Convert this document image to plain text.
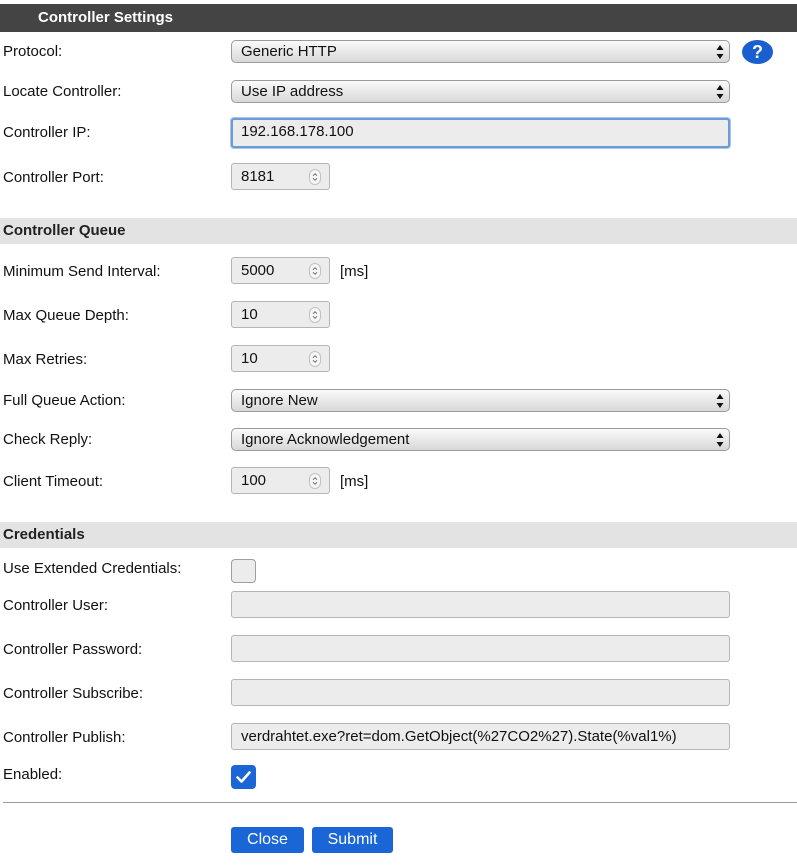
Controller Settings
Protocol:	Generic HTTP	?
Locate Controller:	Use IP address
Controller IP:	192.168.178.100
Controller Port:	8181
Controller Queue
Minimum Send Interval:	5000	[ms]
Max Queue Depth:	10
Max Retries:	10
Full Queue Action:	Ignore New
Check Reply:	Ignore Acknowledgement
Client Timeout:	100	[ms]
Credentials
Use Extended Credentials:
Controller User:
Controller Password:
Controller Subscribe:
Controller Publish:	verdrahtet.exe?ret=dom.GetObject(%27CO2%27).State(%val1%)
Enabled:
Close	Submit
